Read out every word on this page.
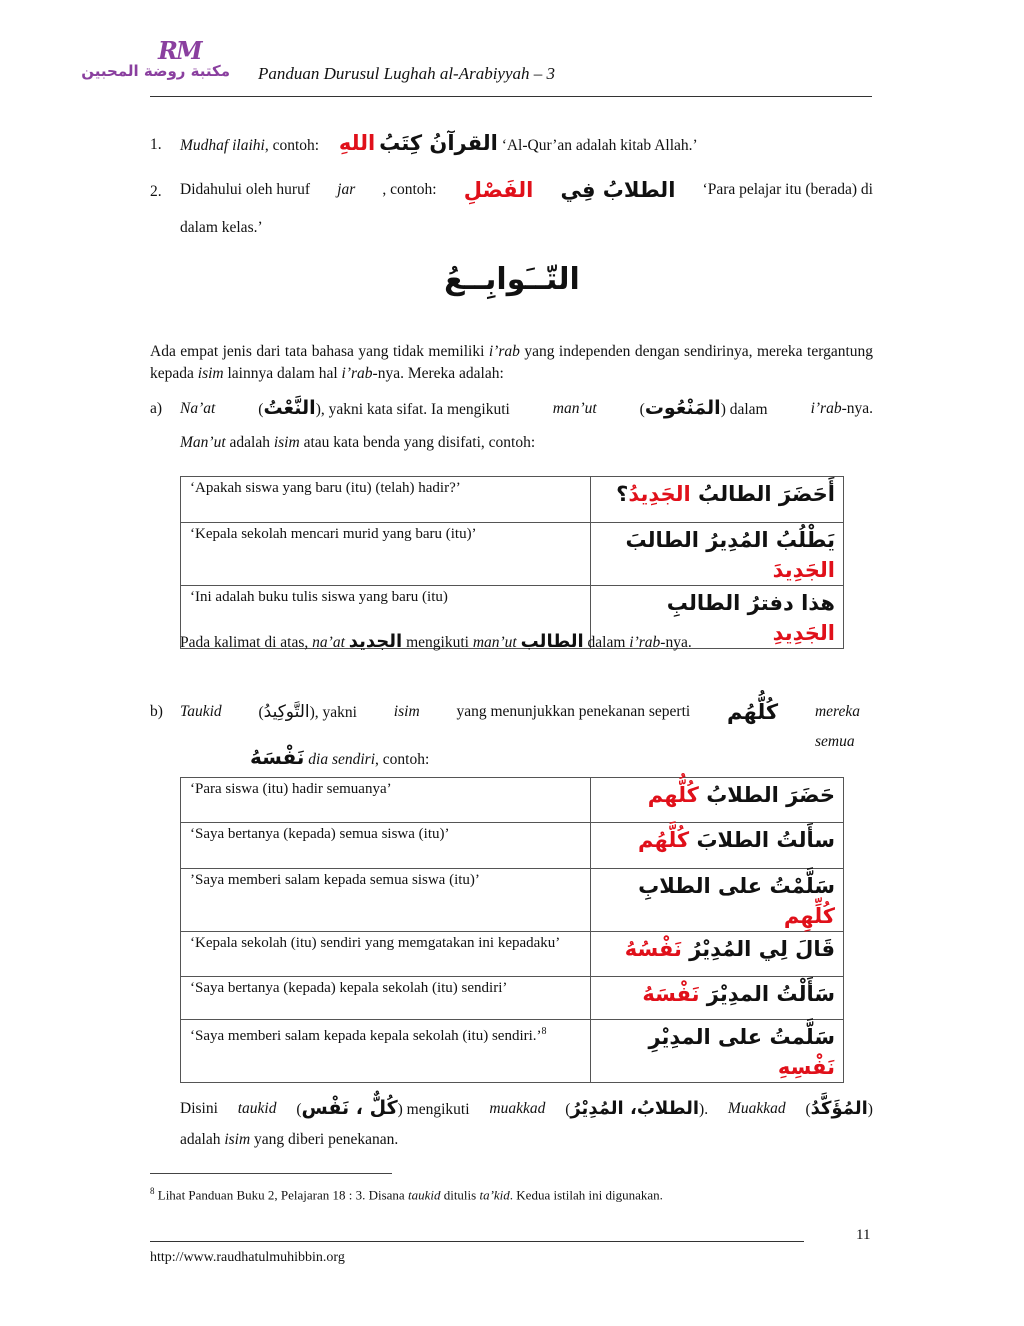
RM
مكتبة روضة المحبين Panduan Durusul Lughah al-Arabiyyah – 3
1. Mudhaf ilaihi, contoh: اللهِ القرآنُ كِتَبُ ‘Al-Qur’an adalah kitab Allah.’
2. Didahului oleh huruf jar , contoh: الفَصْلِ الطلابُ فِي ‘Para pelajar itu (berada) di
dalam kelas.’
التّــَوابِــعُ
Ada empat jenis dari tata bahasa yang tidak memiliki i’rab yang independen dengan sendirinya, mereka tergantung kepada isim lainnya dalam hal i’rab-nya. Mereka adalah:
a) Na’at	(النَّعْتُ), yakni kata sifat. Ia mengikuti	man’ut	(المَنْعُوت) dalam	i’rab-nya.
Man’ut adalah isim atau kata benda yang disifati, contoh:
‘Apakah siswa yang baru (itu) (telah) hadir?’	أَحَضَرَ الطالبُ الجَدِيدُ؟
‘Kepala sekolah mencari murid yang baru (itu)’	يَطْلُبُ المُدِيرُ الطالبَ الجَدِيدَ
‘Ini adalah buku tulis siswa yang baru (itu)	هذا دفترُ الطالبِ الجَدِيدِ
Pada kalimat di atas, na’at الجديد mengikuti man’ut الطالب dalam i’rab-nya.
b) Taukid (التَّوكِيدُ), yakni isim yang menunjukkan penekanan seperti كُلُّهُم mereka semua
نَفْسَهُ dia sendiri, contoh:
‘Para siswa (itu) hadir semuanya’	حَضَرَ الطلابُ كُلُّهم
‘Saya bertanya (kepada) semua siswa (itu)’	سأَلتُ الطلابَ كُلَّهُم
’Saya memberi salam kepada semua siswa (itu)’	سَلَّمْتُ على الطلابِ كُلِّهِم
‘Kepala sekolah (itu) sendiri yang memgatakan ini kepadaku’	قَالَ لِي المُدِيْرُ نَفْسُهُ
‘Saya bertanya (kepada) kepala sekolah (itu) sendiri’	سَأَلْتُ المدِيْرَ نَفْسَهُ
‘Saya memberi salam kepada kepala sekolah (itu) sendiri.’$^8$	سَلَّمتُ على المدِيْرِ نَفْسِهِ
Disini taukid (كُلٌّ ، نَفْس) mengikuti muakkad (الطلابُ، المُدِيْرُ). Muakkad (المُؤَكَّدُ)
adalah isim yang diberi penekanan.
$^8$ Lihat Panduan Buku 2, Pelajaran 18 : 3. Disana taukid ditulis ta’kid. Kedua istilah ini digunakan.
11
http://www.raudhatulmuhibbin.org
